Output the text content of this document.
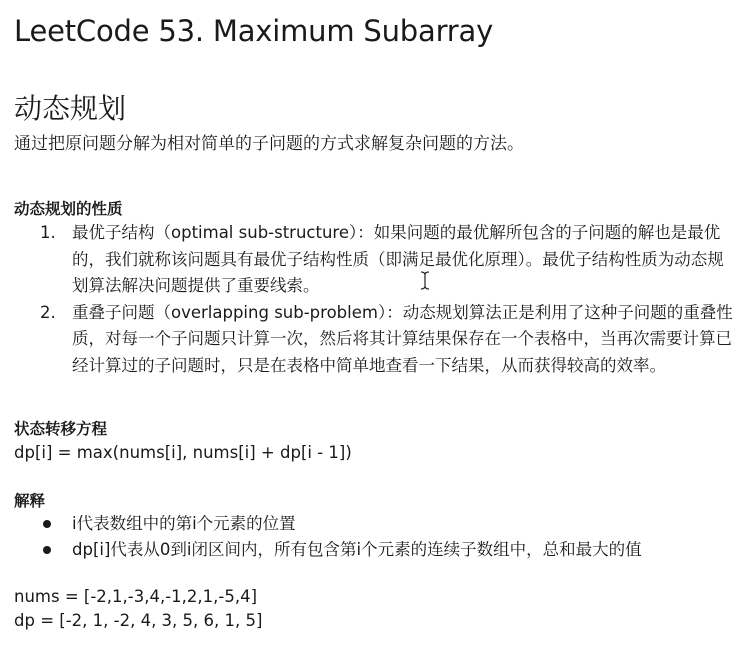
LeetCode 53. Maximum Subarray
动态规划
通过把原问题分解为相对简单的子问题的方式求解复杂问题的方法。
动态规划的性质
1. 最优子结构（optimal sub-structure）：如果问题的最优解所包含的子问题的解也是最优的，我们就称该问题具有最优子结构性质（即满足最优化原理）。最优子结构性质为动态规划算法解决问题提供了重要线索。
2. 重叠子问题（overlapping sub-problem）：动态规划算法正是利用了这种子问题的重叠性质，对每一个子问题只计算一次，然后将其计算结果保存在一个表格中，当再次需要计算已经计算过的子问题时，只是在表格中简单地查看一下结果，从而获得较高的效率。
状态转移方程
dp[i] = max(nums[i], nums[i] + dp[i - 1])
解释
i代表数组中的第i个元素的位置
dp[i]代表从0到i闭区间内，所有包含第i个元素的连续子数组中，总和最大的值
nums = [-2,1,-3,4,-1,2,1,-5,4]
dp = [-2, 1, -2, 4, 3, 5, 6, 1, 5]
